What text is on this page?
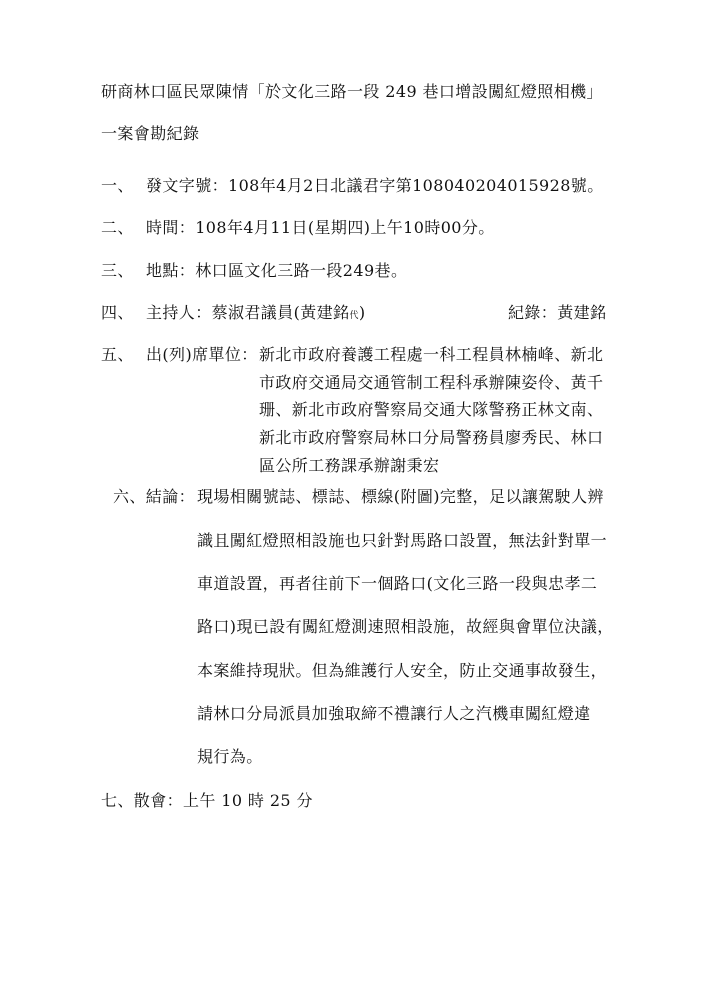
研商林口區民眾陳情「於文化三路一段 249 巷口增設闖紅燈照相機」
一案會勘紀錄
一、 發文字號：108年4月2日北議君字第108040204015928號。
二、 時間：108年4月11日(星期四)上午10時00分。
三、 地點：林口區文化三路一段249巷。
四、 主持人：蔡淑君議員(黃建銘代)	紀錄：黃建銘
五、 出(列)席單位： 新北市政府養護工程處一科工程員林楠峰、新北
市政府交通局交通管制工程科承辦陳姿伶、黃千
珊、新北市政府警察局交通大隊警務正林文南、
新北市政府警察局林口分局警務員廖秀民、林口
區公所工務課承辦謝秉宏
六、結論： 現場相關號誌、標誌、標線(附圖)完整，足以讓駕駛人辨
識且闖紅燈照相設施也只針對馬路口設置，無法針對單一
車道設置，再者往前下一個路口(文化三路一段與忠孝二
路口)現已設有闖紅燈測速照相設施，故經與會單位決議，
本案維持現狀。但為維護行人安全，防止交通事故發生，
請林口分局派員加強取締不禮讓行人之汽機車闖紅燈違
規行為。
七、散會：上午 10 時 25 分
